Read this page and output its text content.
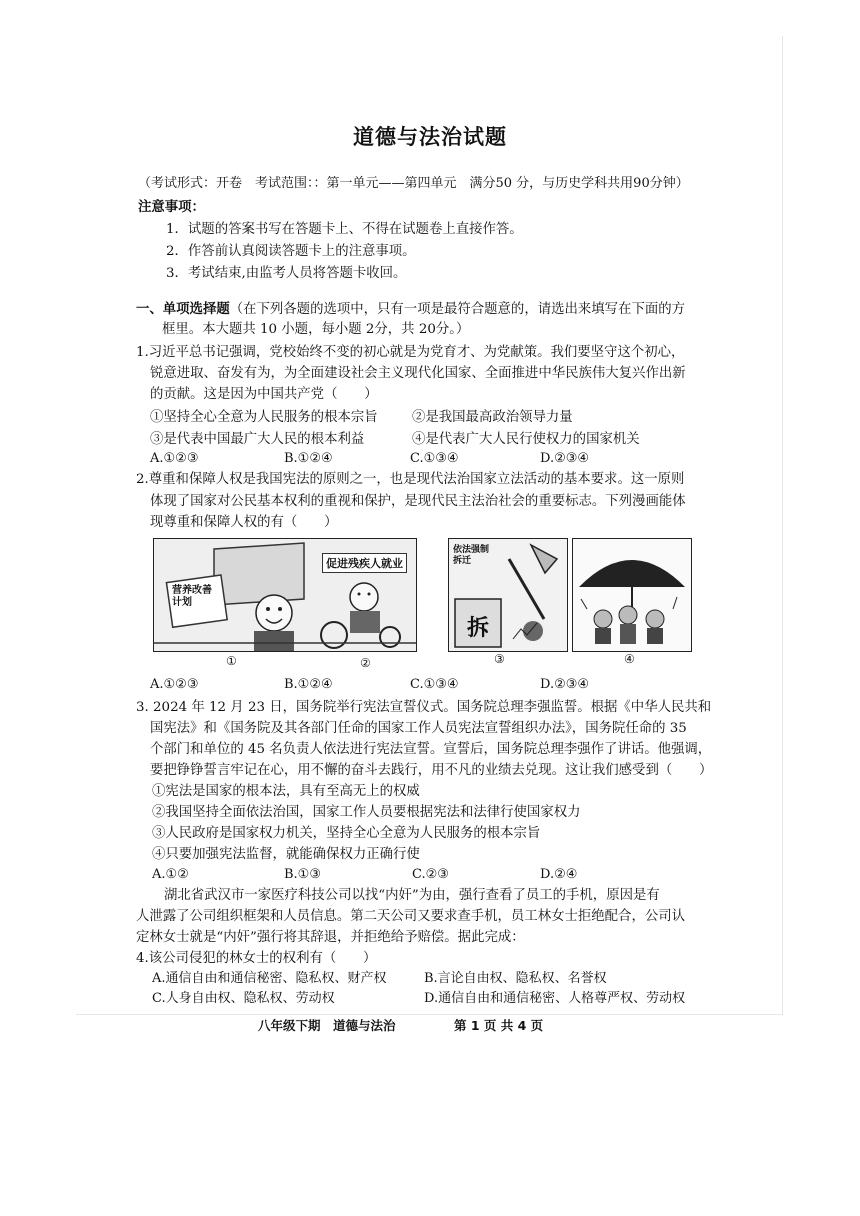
道德与法治试题
（考试形式：开卷　考试范围：：第一单元——第四单元　满分50 分，与历史学科共用90分钟）
注意事项：
1．试题的答案书写在答题卡上、不得在试题卷上直接作答。
2．作答前认真阅读答题卡上的注意事项。
3．考试结束,由监考人员将答题卡收回。
一、单项选择题（在下列各题的选项中，只有一项是最符合题意的，请选出来填写在下面的方
框里。本大题共 10 小题，每小题 2分，共 20分。）
1.习近平总书记强调，党校始终不变的初心就是为党育才、为党献策。我们要坚守这个初心，
锐意进取、奋发有为，为全面建设社会主义现代化国家、全面推进中华民族伟大复兴作出新
的贡献。这是因为中国共产党（　　）
①坚持全心全意为人民服务的根本宗旨	②是我国最高政治领导力量
③是代表中国最广大人民的根本利益	④是代表广大人民行使权力的国家机关
A.①②③	B.①②④	C.①③④	D.②③④
2.尊重和保障人权是我国宪法的原则之一，也是现代法治国家立法活动的基本要求。这一原则
体现了国家对公民基本权利的重视和保护，是现代民主法治社会的重要标志。下列漫画能体
现尊重和保障人权的有（　　）
营养改善计划
促进残疾人就业
依法强制拆迁
拆
①	②	③	④
A.①②③	B.①②④	C.①③④	D.②③④
3. 2024 年 12 月 23 日，国务院举行宪法宣誓仪式。国务院总理李强监誓。根据《中华人民共和
国宪法》和《国务院及其各部门任命的国家工作人员宪法宣誓组织办法》，国务院任命的 35
个部门和单位的 45 名负责人依法进行宪法宣誓。宣誓后，国务院总理李强作了讲话。他强调，
要把铮铮誓言牢记在心，用不懈的奋斗去践行，用不凡的业绩去兑现。这让我们感受到（　　）
①宪法是国家的根本法，具有至高无上的权威
②我国坚持全面依法治国，国家工作人员要根据宪法和法律行使国家权力
③人民政府是国家权力机关，坚持全心全意为人民服务的根本宗旨
④只要加强宪法监督，就能确保权力正确行使
A.①②	B.①③	C.②③	D.②④
湖北省武汉市一家医疗科技公司以找“内奸”为由，强行查看了员工的手机，原因是有
人泄露了公司组织框架和人员信息。第二天公司又要求查手机，员工林女士拒绝配合，公司认
定林女士就是“内奸”强行将其辞退，并拒绝给予赔偿。据此完成：
4.该公司侵犯的林女士的权利有（　　）
A.通信自由和通信秘密、隐私权、财产权	B.言论自由权、隐私权、名誉权
C.人身自由权、隐私权、劳动权	D.通信自由和通信秘密、人格尊严权、劳动权
八年级下期　道德与法治	第 1 页 共 4 页
